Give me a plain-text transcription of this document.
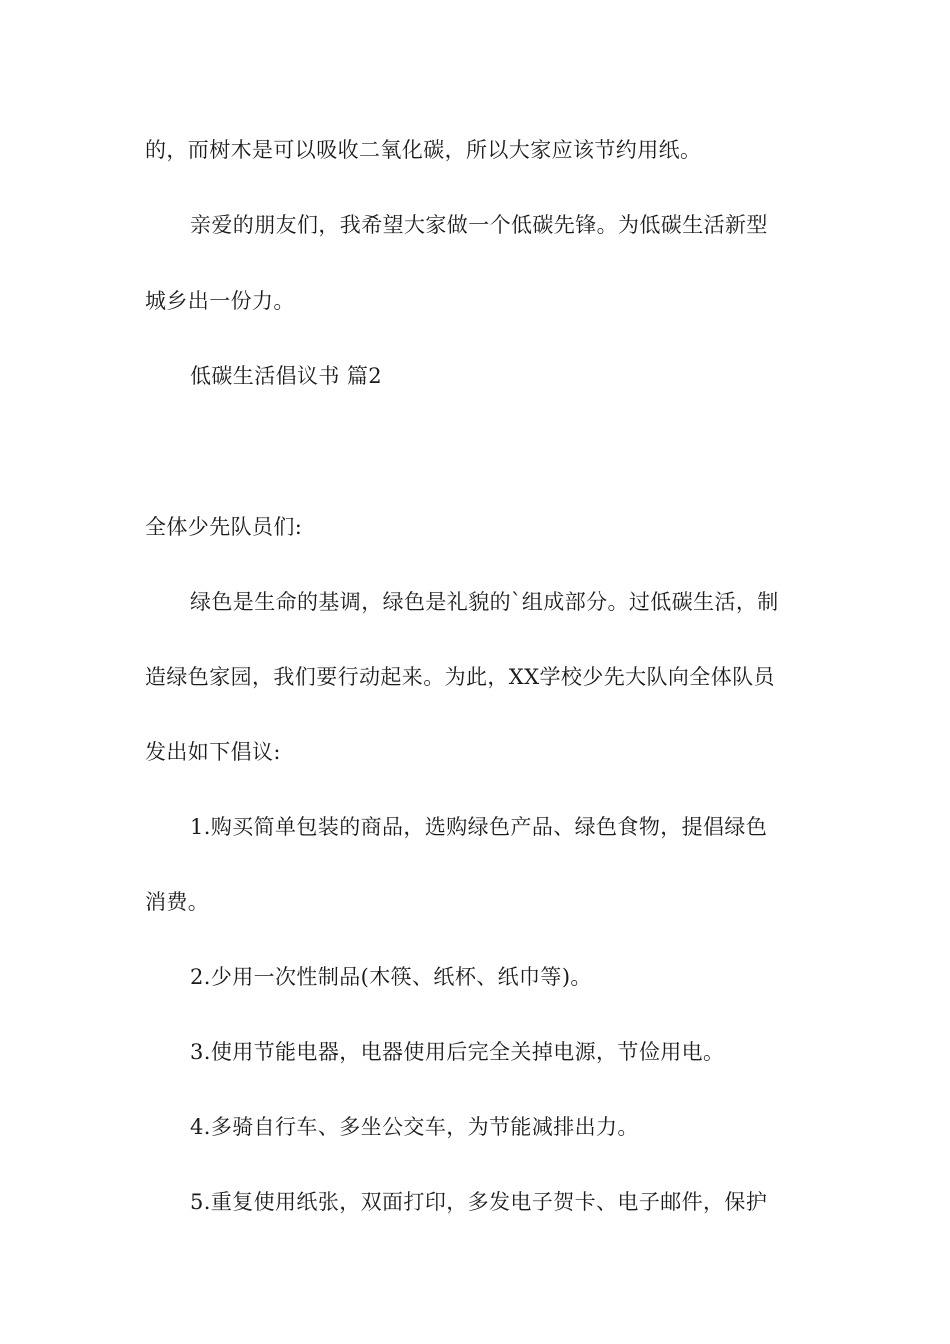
的，而树木是可以吸收二氧化碳，所以大家应该节约用纸。
亲爱的朋友们，我希望大家做一个低碳先锋。为低碳生活新型
城乡出一份力。
低碳生活倡议书 篇2
全体少先队员们:
绿色是生命的基调，绿色是礼貌的`组成部分。过低碳生活，制
造绿色家园，我们要行动起来。为此，XX学校少先大队向全体队员
发出如下倡议:
1.购买简单包装的商品，选购绿色产品、绿色食物，提倡绿色
消费。
2.少用一次性制品(木筷、纸杯、纸巾等)。
3.使用节能电器，电器使用后完全关掉电源，节俭用电。
4.多骑自行车、多坐公交车，为节能减排出力。
5.重复使用纸张，双面打印，多发电子贺卡、电子邮件，保护
